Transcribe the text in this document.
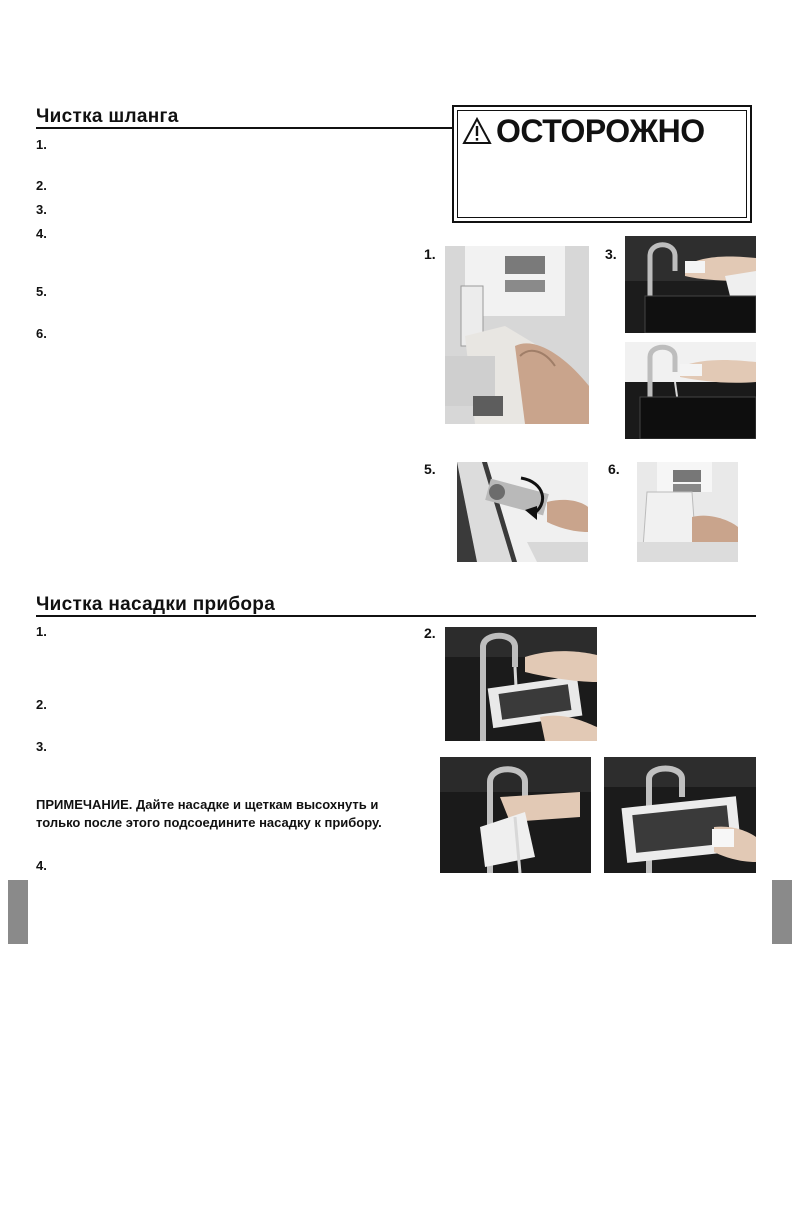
Чистка шланга
1.
2.
3.
4.
5.
6.
ОСТОРОЖНО
1.	3.
5.	6.
Чистка насадки прибора
1.
2.
3.
ПРИМЕЧАНИЕ. Дайте насадке и щеткам высохнуть и только после этого подсоедините насадку к прибору.
4.
2.
